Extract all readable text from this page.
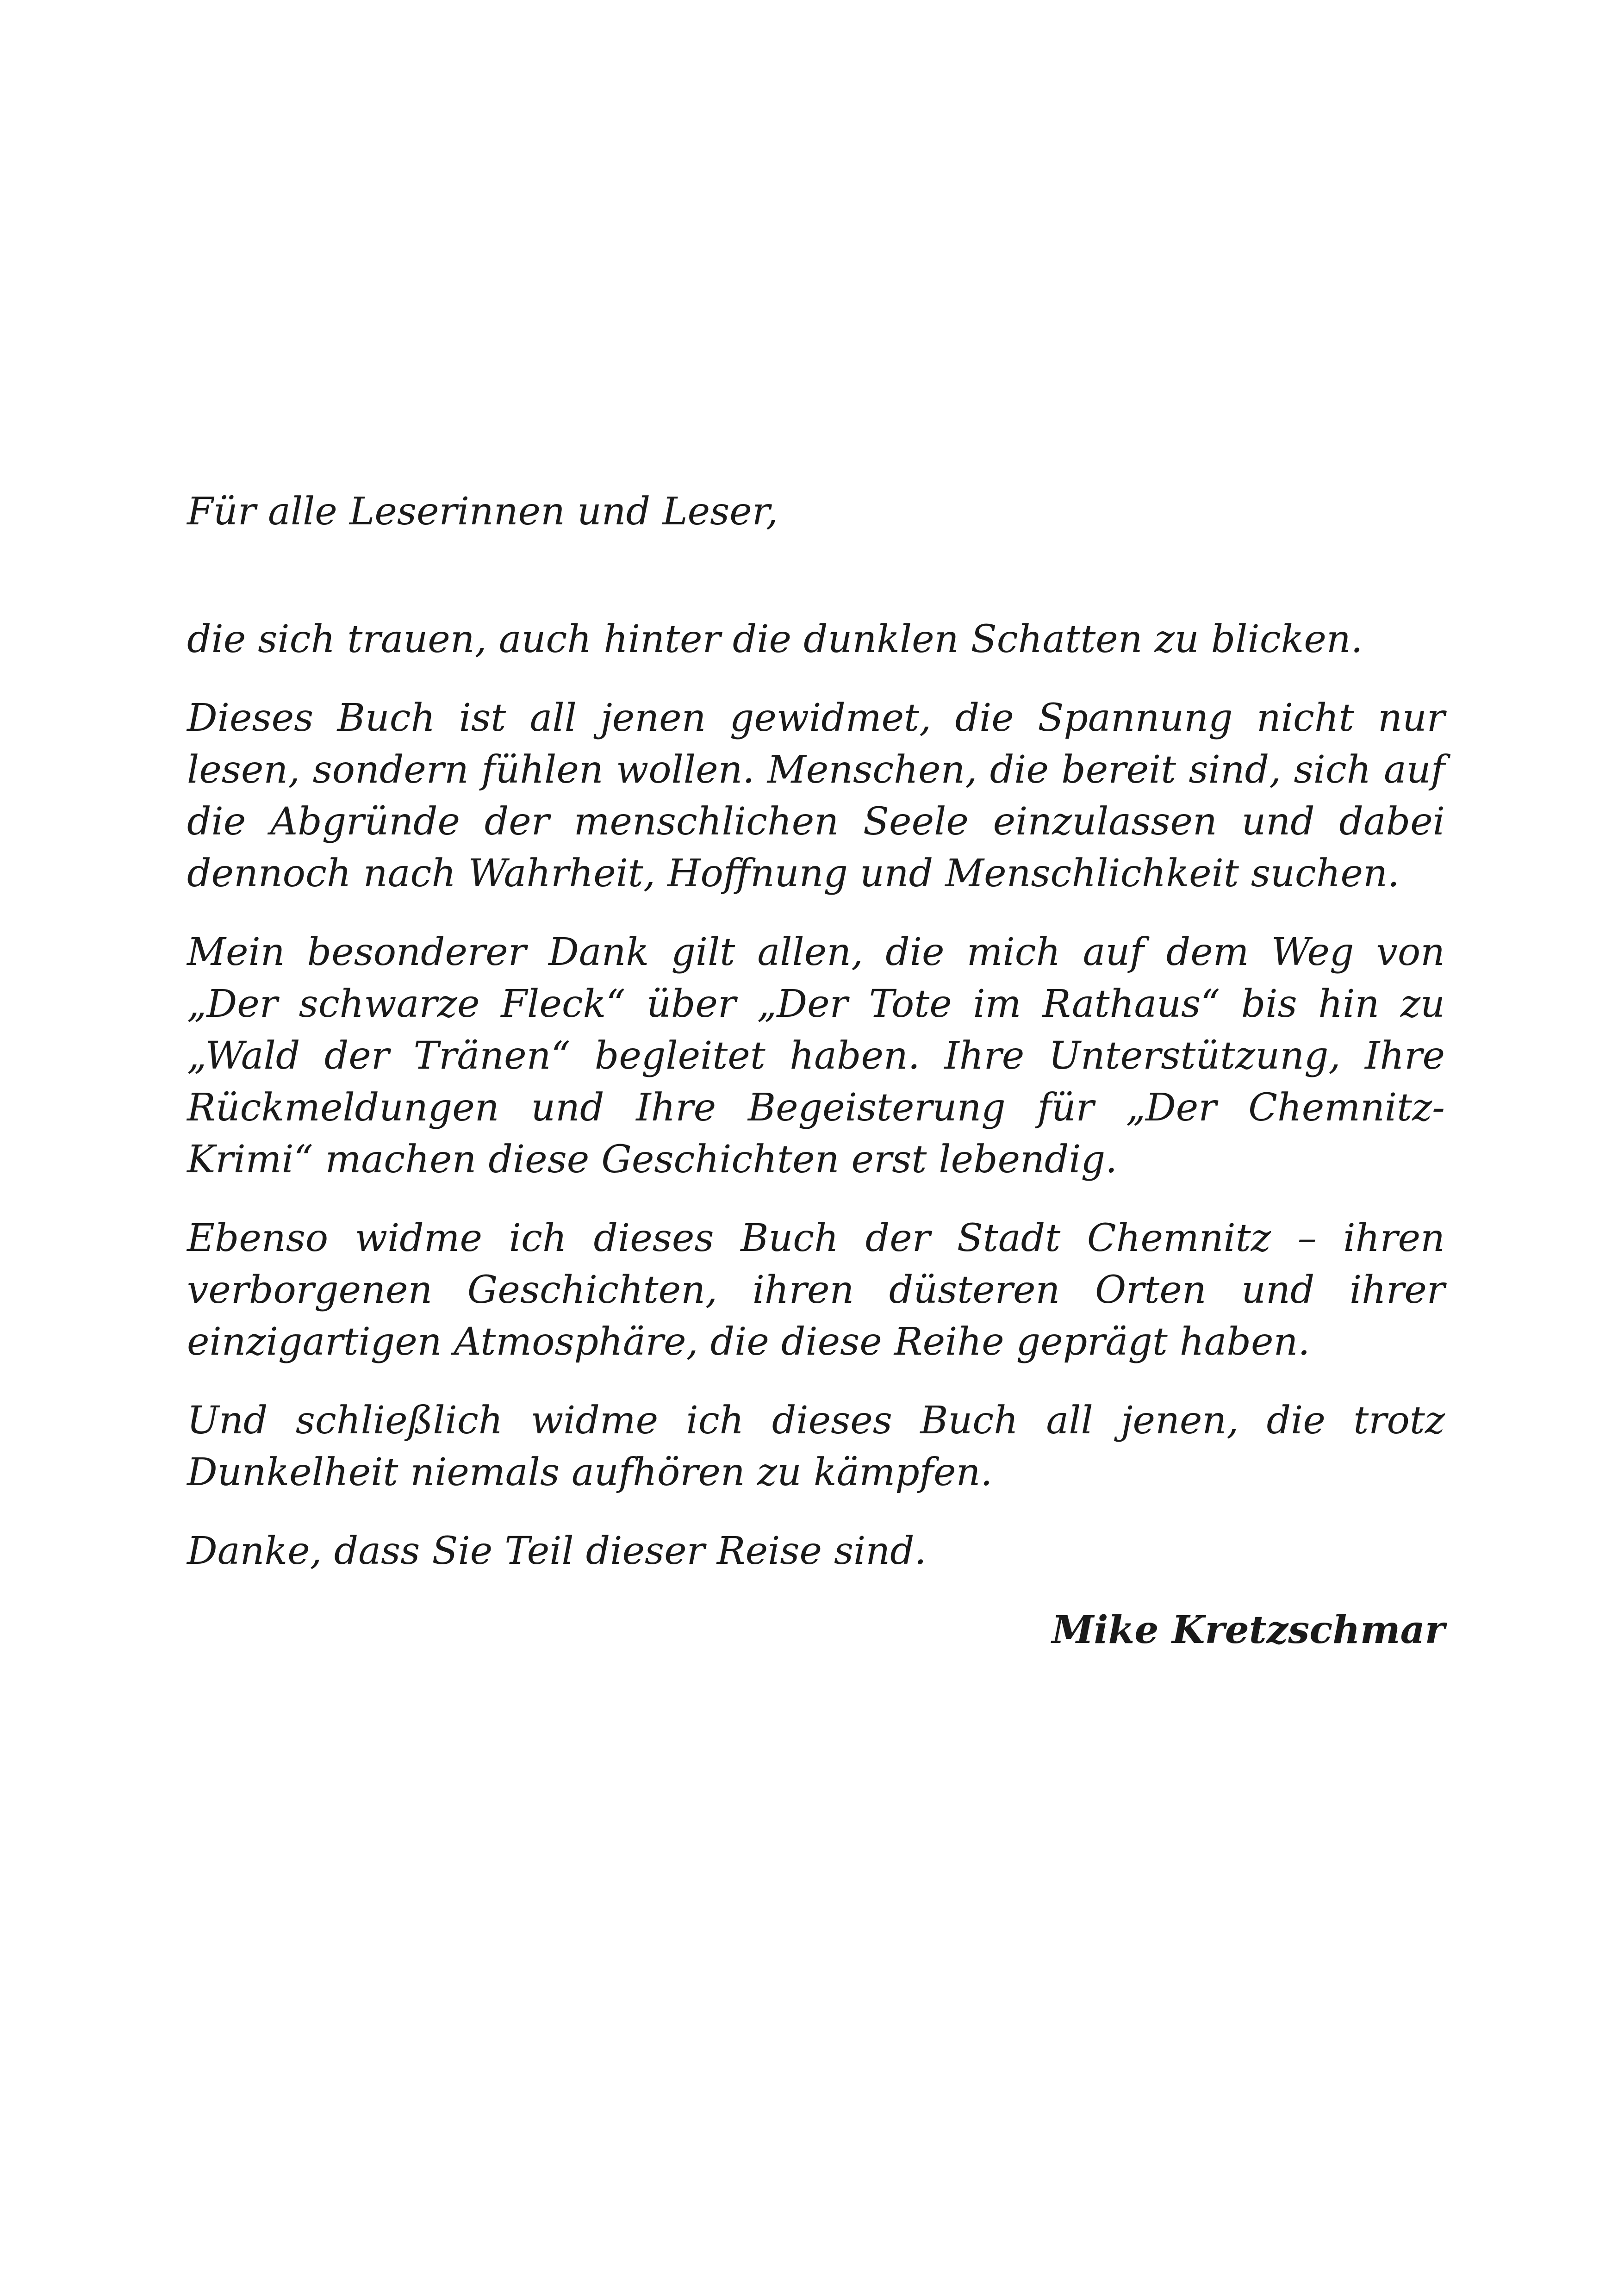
Für alle Leserinnen und Leser,

die sich trauen, auch hinter die dunklen Schatten zu blicken.

Dieses Buch ist all jenen gewidmet, die Spannung nicht nur lesen, sondern fühlen wollen. Menschen, die bereit sind, sich auf die Abgründe der menschlichen Seele einzulassen und dabei dennoch nach Wahrheit, Hoffnung und Menschlichkeit suchen.

Mein besonderer Dank gilt allen, die mich auf dem Weg von „Der schwarze Fleck“ über „Der Tote im Rathaus“ bis hin zu „Wald der Tränen“ begleitet haben. Ihre Unterstützung, Ihre Rückmeldungen und Ihre Begeisterung für „Der Chemnitz-Krimi“ machen diese Geschichten erst lebendig.

Ebenso widme ich dieses Buch der Stadt Chemnitz – ihren verborgenen Geschichten, ihren düsteren Orten und ihrer einzigartigen Atmosphäre, die diese Reihe geprägt haben.

Und schließlich widme ich dieses Buch all jenen, die trotz Dunkelheit niemals aufhören zu kämpfen.

Danke, dass Sie Teil dieser Reise sind.

Mike Kretzschmar
